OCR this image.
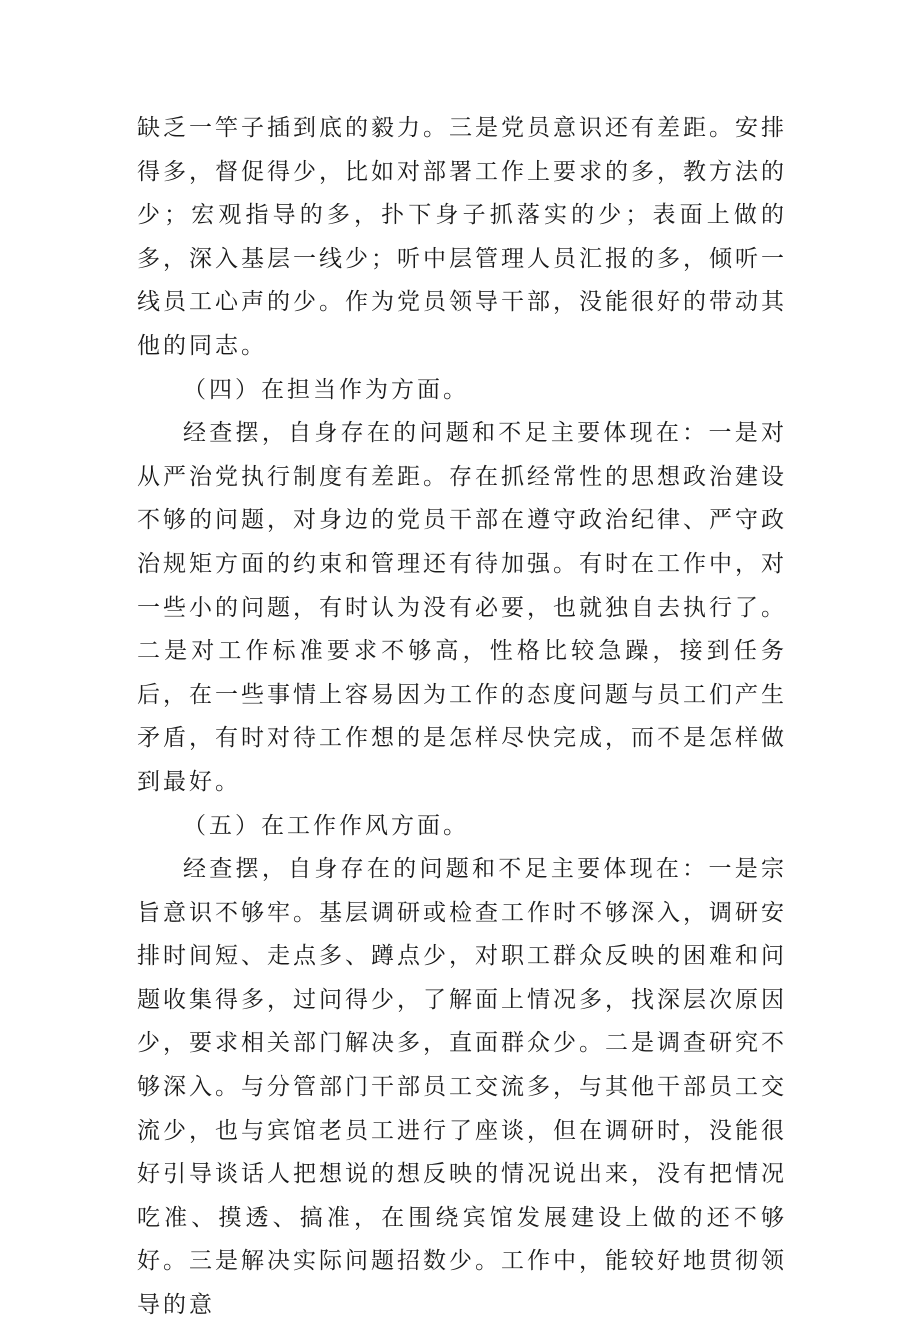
缺乏一竿子插到底的毅力。三是党员意识还有差距。安排得多，督促得少，比如对部署工作上要求的多，教方法的少；宏观指导的多，扑下身子抓落实的少；表面上做的多，深入基层一线少；听中层管理人员汇报的多，倾听一线员工心声的少。作为党员领导干部，没能很好的带动其他的同志。

（四）在担当作为方面。

经查摆，自身存在的问题和不足主要体现在：一是对从严治党执行制度有差距。存在抓经常性的思想政治建设不够的问题，对身边的党员干部在遵守政治纪律、严守政治规矩方面的约束和管理还有待加强。有时在工作中，对一些小的问题，有时认为没有必要，也就独自去执行了。二是对工作标准要求不够高，性格比较急躁，接到任务后，在一些事情上容易因为工作的态度问题与员工们产生矛盾，有时对待工作想的是怎样尽快完成，而不是怎样做到最好。

（五）在工作作风方面。

经查摆，自身存在的问题和不足主要体现在：一是宗旨意识不够牢。基层调研或检查工作时不够深入，调研安排时间短、走点多、蹲点少，对职工群众反映的困难和问题收集得多，过问得少，了解面上情况多，找深层次原因少，要求相关部门解决多，直面群众少。二是调查研究不够深入。与分管部门干部员工交流多，与其他干部员工交流少，也与宾馆老员工进行了座谈，但在调研时，没能很好引导谈话人把想说的想反映的情况说出来，没有把情况吃准、摸透、搞准，在围绕宾馆发展建设上做的还不够好。三是解决实际问题招数少。工作中，能较好地贯彻领导的意
